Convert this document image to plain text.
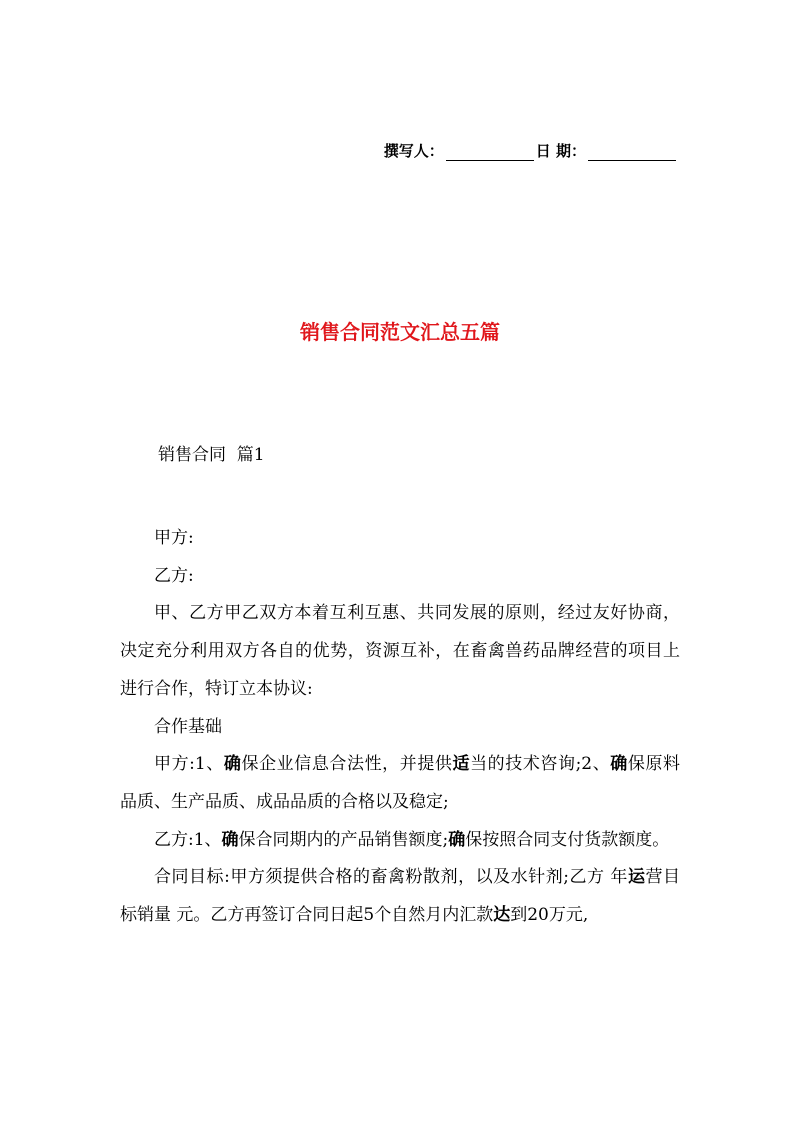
撰写人：	日 期：
销售合同范文汇总五篇
销售合同  篇1

甲方:

乙方:

甲、乙方甲乙双方本着互利互惠、共同发展的原则，经过友好协商，决定充分利用双方各自的优势，资源互补，在畜禽兽药品牌经营的项目上进行合作，特订立本协议:

合作基础

甲方:1、确保企业信息合法性，并提供适当的技术咨询;2、确保原料品质、生产品质、成品品质的合格以及稳定;

乙方:1、确保合同期内的产品销售额度;确保按照合同支付货款额度。

合同目标:甲方须提供合格的畜禽粉散剂，以及水针剂;乙方 年运营目标销量 元。乙方再签订合同日起5个自然月内汇款达到20万元,
